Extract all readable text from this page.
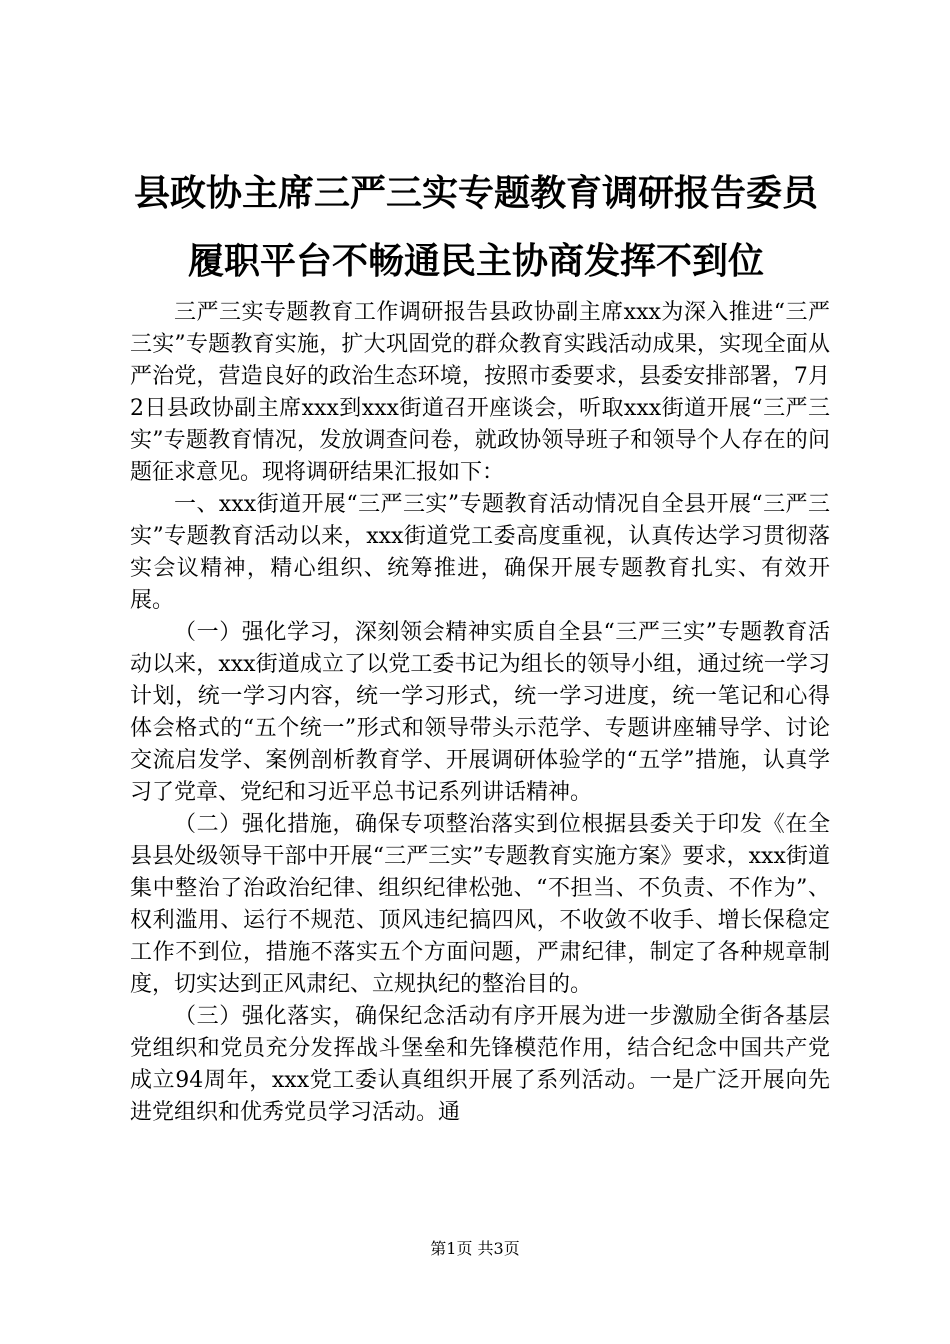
县政协主席三严三实专题教育调研报告委员履职平台不畅通民主协商发挥不到位

三严三实专题教育工作调研报告县政协副主席xxx为深入推进“三严三实”专题教育实施，扩大巩固党的群众教育实践活动成果，实现全面从严治党，营造良好的政治生态环境，按照市委要求，县委安排部署，7月2日县政协副主席xxx到xxx街道召开座谈会，听取xxx街道开展“三严三实”专题教育情况，发放调查问卷，就政协领导班子和领导个人存在的问题征求意见。现将调研结果汇报如下：

一、xxx街道开展“三严三实”专题教育活动情况自全县开展“三严三实”专题教育活动以来，xxx街道党工委高度重视，认真传达学习贯彻落实会议精神，精心组织、统筹推进，确保开展专题教育扎实、有效开展。

（一）强化学习，深刻领会精神实质自全县“三严三实”专题教育活动以来，xxx街道成立了以党工委书记为组长的领导小组，通过统一学习计划，统一学习内容，统一学习形式，统一学习进度，统一笔记和心得体会格式的“五个统一”形式和领导带头示范学、专题讲座辅导学、讨论交流启发学、案例剖析教育学、开展调研体验学的“五学”措施，认真学习了党章、党纪和习近平总书记系列讲话精神。

（二）强化措施，确保专项整治落实到位根据县委关于印发《在全县县处级领导干部中开展“三严三实”专题教育实施方案》要求，xxx街道集中整治了治政治纪律、组织纪律松弛、“不担当、不负责、不作为”、权利滥用、运行不规范、顶风违纪搞四风，不收敛不收手、增长保稳定工作不到位，措施不落实五个方面问题，严肃纪律，制定了各种规章制度，切实达到正风肃纪、立规执纪的整治目的。

（三）强化落实，确保纪念活动有序开展为进一步激励全街各基层党组织和党员充分发挥战斗堡垒和先锋模范作用，结合纪念中国共产党成立94周年，xxx党工委认真组织开展了系列活动。一是广泛开展向先进党组织和优秀党员学习活动。通

第1页 共3页
